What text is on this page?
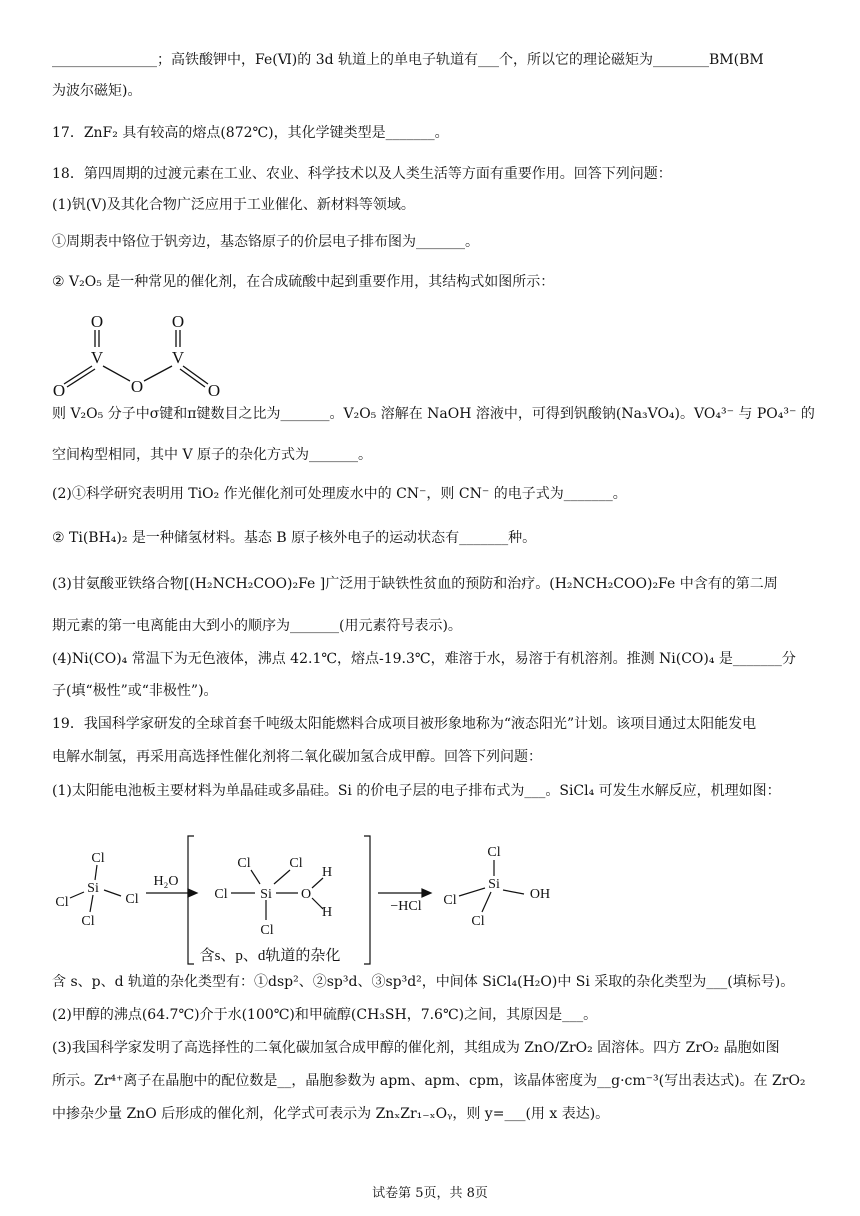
_______________；高铁酸钾中，Fe(Ⅵ)的 3d 轨道上的单电子轨道有___个，所以它的理论磁矩为________BM(BM
为波尔磁矩)。
17．ZnF₂ 具有较高的熔点(872℃)，其化学键类型是_______。
18．第四周期的过渡元素在工业、农业、科学技术以及人类生活等方面有重要作用。回答下列问题：
(1)钒(V)及其化合物广泛应用于工业催化、新材料等领域。
①周期表中铬位于钒旁边，基态铬原子的价层电子排布图为_______。
② V₂O₅ 是一种常见的催化剂，在合成硫酸中起到重要作用，其结构式如图所示：
则 V₂O₅ 分子中σ键和π键数目之比为_______。V₂O₅ 溶解在 NaOH 溶液中，可得到钒酸钠(Na₃VO₄)。VO₄³⁻ 与 PO₄³⁻ 的
空间构型相同，其中 V 原子的杂化方式为_______。
(2)①科学研究表明用 TiO₂ 作光催化剂可处理废水中的 CN⁻，则 CN⁻ 的电子式为_______。
② Ti(BH₄)₂ 是一种储氢材料。基态 B 原子核外电子的运动状态有_______种。
(3)甘氨酸亚铁络合物[(H₂NCH₂COO)₂Fe ]广泛用于缺铁性贫血的预防和治疗。(H₂NCH₂COO)₂Fe 中含有的第二周
期元素的第一电离能由大到小的顺序为_______(用元素符号表示)。
(4)Ni(CO)₄ 常温下为无色液体，沸点 42.1℃，熔点-19.3℃，难溶于水，易溶于有机溶剂。推测 Ni(CO)₄ 是_______分
子(填“极性”或“非极性”)。
19．我国科学家研发的全球首套千吨级太阳能燃料合成项目被形象地称为“液态阳光”计划。该项目通过太阳能发电
电解水制氢，再采用高选择性催化剂将二氧化碳加氢合成甲醇。回答下列问题：
(1)太阳能电池板主要材料为单晶硅或多晶硅。Si 的价电子层的电子排布式为___。SiCl₄ 可发生水解反应，机理如图：
含 s、p、d 轨道的杂化类型有：①dsp²、②sp³d、③sp³d²，中间体 SiCl₄(H₂O)中 Si 采取的杂化类型为___(填标号)。
(2)甲醇的沸点(64.7℃)介于水(100℃)和甲硫醇(CH₃SH，7.6℃)之间，其原因是___。
(3)我国科学家发明了高选择性的二氧化碳加氢合成甲醇的催化剂，其组成为 ZnO/ZrO₂ 固溶体。四方 ZrO₂ 晶胞如图
所示。Zr⁴⁺离子在晶胞中的配位数是__，晶胞参数为 apm、apm、cpm，该晶体密度为__g·cm⁻³(写出表达式)。在 ZrO₂
中掺杂少量 ZnO 后形成的催化剂，化学式可表示为 ZnₓZr₁₋ₓOᵧ，则 y=___(用 x 表达)。
O	O
V	V
O	O	O
Cl
Si
Cl	Cl
Cl
H₂O
Cl	Cl
Si
Cl	O
H
H
Cl
−HCl
Cl
Si
Cl	OH
Cl
含s、p、d轨道的杂化
试卷第 5页，共 8页
